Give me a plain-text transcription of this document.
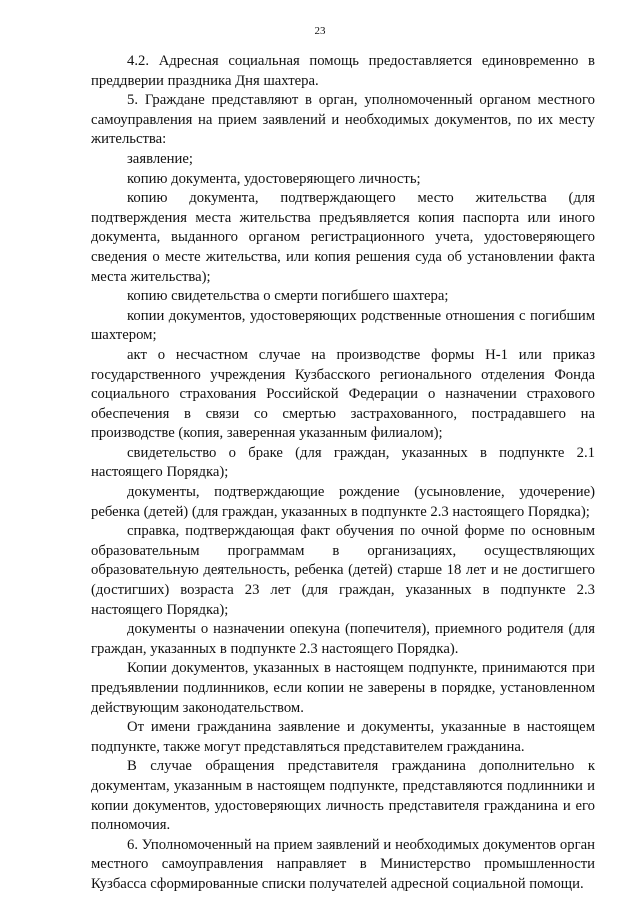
23

4.2. Адресная социальная помощь предоставляется единовременно в преддверии праздника Дня шахтера.

5. Граждане представляют в орган, уполномоченный органом местного самоуправления на прием заявлений и необходимых документов, по их месту жительства:

заявление;

копию документа, удостоверяющего личность;

копию документа, подтверждающего место жительства (для подтверждения места жительства предъявляется копия паспорта или иного документа, выданного органом регистрационного учета, удостоверяющего сведения о месте жительства, или копия решения суда об установлении факта места жительства);

копию свидетельства о смерти погибшего шахтера;

копии документов, удостоверяющих родственные отношения с погибшим шахтером;

акт о несчастном случае на производстве формы Н-1 или приказ государственного учреждения Кузбасского регионального отделения Фонда социального страхования Российской Федерации о назначении страхового обеспечения в связи со смертью застрахованного, пострадавшего на производстве (копия, заверенная указанным филиалом);

свидетельство о браке (для граждан, указанных в подпункте 2.1 настоящего Порядка);

документы, подтверждающие рождение (усыновление, удочерение) ребенка (детей) (для граждан, указанных в подпункте 2.3 настоящего Порядка);

справка, подтверждающая факт обучения по очной форме по основным образовательным программам в организациях, осуществляющих образовательную деятельность, ребенка (детей) старше 18 лет и не достигшего (достигших) возраста 23 лет (для граждан, указанных в подпункте 2.3 настоящего Порядка);

документы о назначении опекуна (попечителя), приемного родителя (для граждан, указанных в подпункте 2.3 настоящего Порядка).

Копии документов, указанных в настоящем подпункте, принимаются при предъявлении подлинников, если копии не заверены в порядке, установленном действующим законодательством.

От имени гражданина заявление и документы, указанные в настоящем подпункте, также могут представляться представителем гражданина.

В случае обращения представителя гражданина дополнительно к документам, указанным в настоящем подпункте, представляются подлинники и копии документов, удостоверяющих личность представителя гражданина и его полномочия.

6. Уполномоченный на прием заявлений и необходимых документов орган местного самоуправления направляет в Министерство промышленности Кузбасса сформированные списки получателей адресной социальной помощи.
